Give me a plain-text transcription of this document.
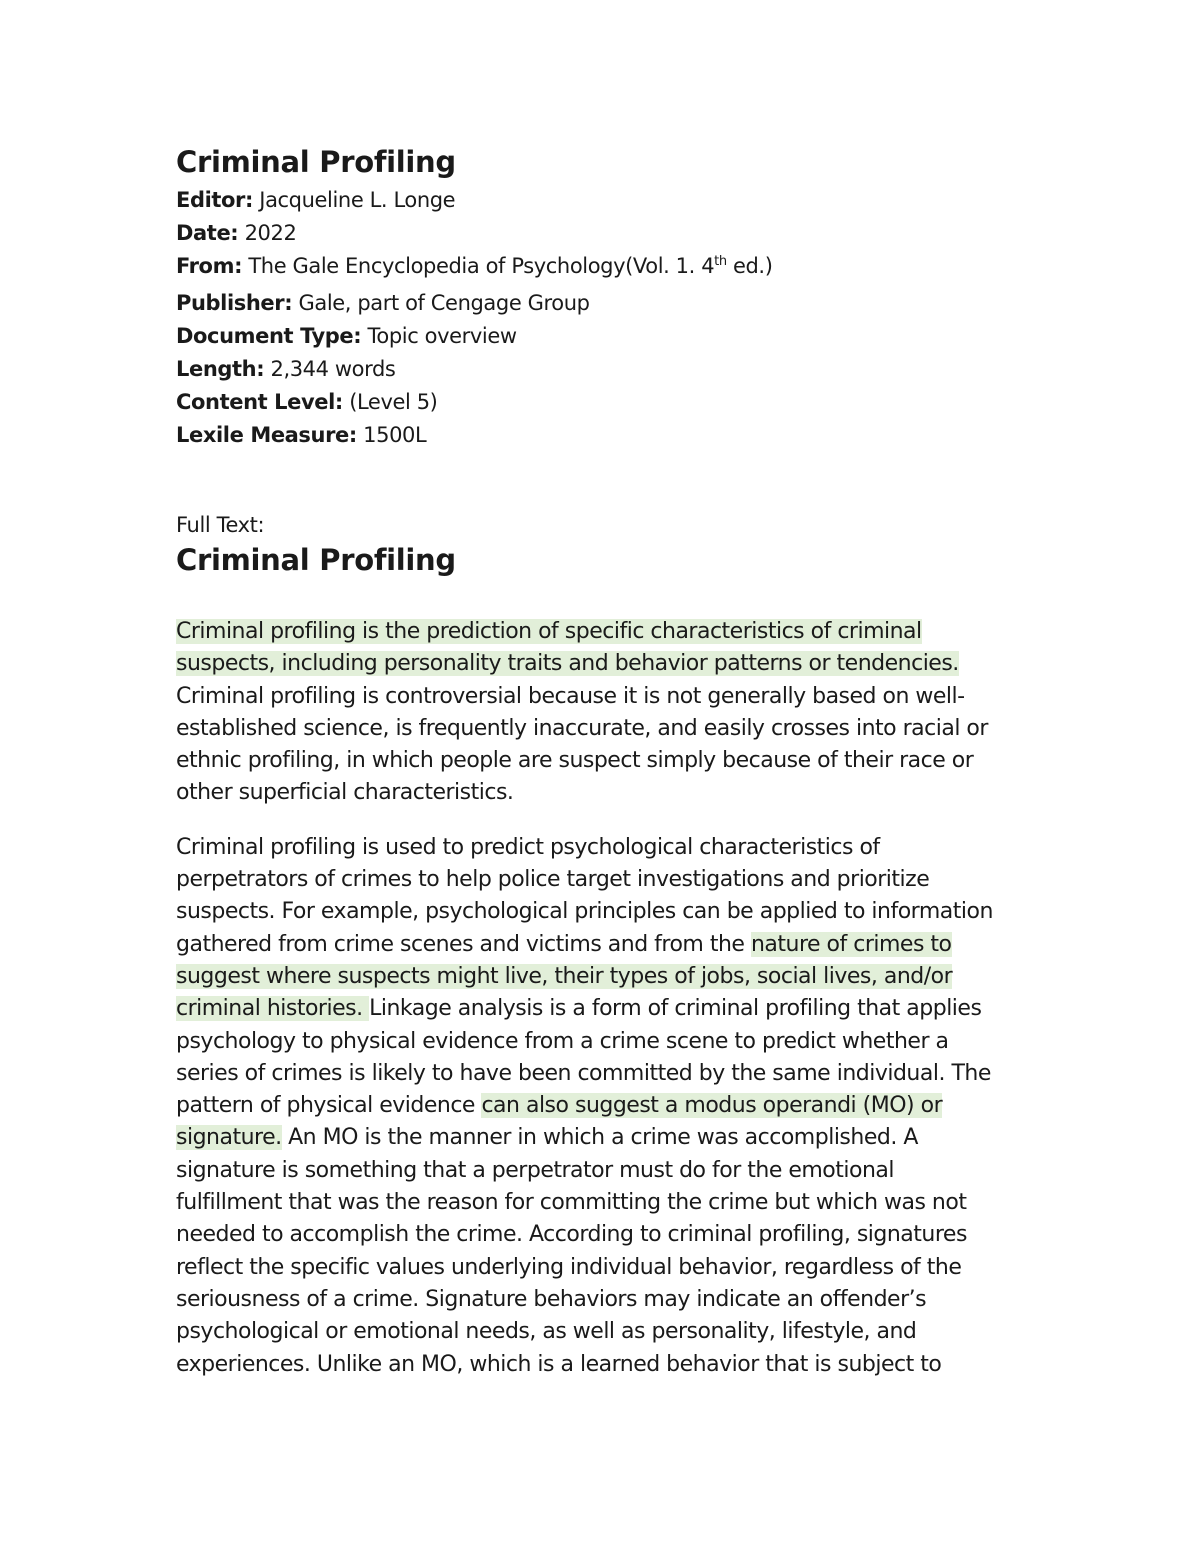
Criminal Profiling

Editor: Jacqueline L. Longe

Date: 2022

From: The Gale Encyclopedia of Psychology(Vol. 1. 4th ed.)

Publisher: Gale, part of Cengage Group

Document Type: Topic overview

Length: 2,344 words

Content Level: (Level 5)

Lexile Measure: 1500L

Full Text:

Criminal Profiling
Criminal profiling is the prediction of specific characteristics of criminal
suspects, including personality traits and behavior patterns or tendencies.
Criminal profiling is controversial because it is not generally based on well-
established science, is frequently inaccurate, and easily crosses into racial or
ethnic profiling, in which people are suspect simply because of their race or
other superficial characteristics.
Criminal profiling is used to predict psychological characteristics of
perpetrators of crimes to help police target investigations and prioritize
suspects. For example, psychological principles can be applied to information
gathered from crime scenes and victims and from the nature of crimes to
suggest where suspects might live, their types of jobs, social lives, and/or
criminal histories. Linkage analysis is a form of criminal profiling that applies
psychology to physical evidence from a crime scene to predict whether a
series of crimes is likely to have been committed by the same individual. The
pattern of physical evidence can also suggest a modus operandi (MO) or
signature. An MO is the manner in which a crime was accomplished. A
signature is something that a perpetrator must do for the emotional
fulfillment that was the reason for committing the crime but which was not
needed to accomplish the crime. According to criminal profiling, signatures
reflect the specific values underlying individual behavior, regardless of the
seriousness of a crime. Signature behaviors may indicate an offender’s
psychological or emotional needs, as well as personality, lifestyle, and
experiences. Unlike an MO, which is a learned behavior that is subject to
